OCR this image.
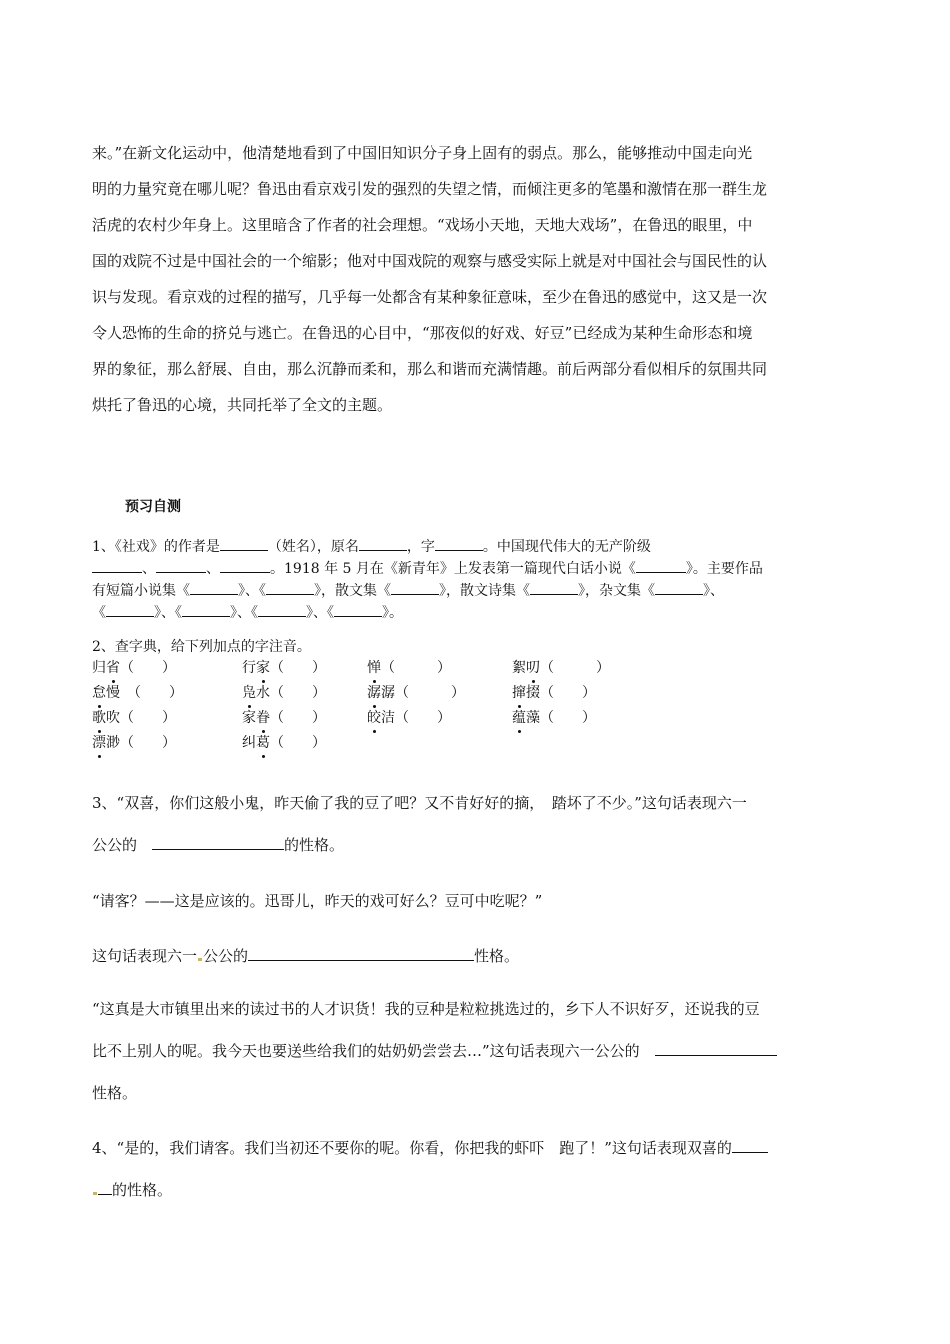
来。”在新文化运动中，他清楚地看到了中国旧知识分子身上固有的弱点。那么，能够推动中国走向光
明的力量究竟在哪儿呢？鲁迅由看京戏引发的强烈的失望之情，而倾注更多的笔墨和激情在那一群生龙
活虎的农村少年身上。这里暗含了作者的社会理想。“戏场小天地，天地大戏场”，在鲁迅的眼里，中
国的戏院不过是中国社会的一个缩影；他对中国戏院的观察与感受实际上就是对中国社会与国民性的认
识与发现。看京戏的过程的描写，几乎每一处都含有某种象征意味，至少在鲁迅的感觉中，这又是一次
令人恐怖的生命的挤兑与逃亡。在鲁迅的心目中，“那夜似的好戏、好豆”已经成为某种生命形态和境
界的象征，那么舒展、自由，那么沉静而柔和，那么和谐而充满情趣。前后两部分看似相斥的氛围共同
烘托了鲁迅的心境，共同托举了全文的主题。

预习自测
1、《社戏》的作者是	（姓名），原名	，字	。中国现代伟大的无产阶级
、	、	。1918 年 5 月在《新青年》上发表第一篇现代白话小说《	》。主要作品
有短篇小说集《	》、《	》，散文集《	》，散文诗集《	》，杂文集《	》、
《	》、《	》、《	》、《	》。
2、查字典，给下列加点的字注音。
归省（　　）	行家（　　）	惮（　　　）	絮叨（　　　）
怠慢　（　　）	凫水（　　）	潺潺（　　　）	撺掇（　　）
歌吹（　　）	家眷（　　）	皎洁（　　）	蕴藻（　　）
漂渺（　　）	纠葛（　　）
3、“双喜，你们这般小鬼，昨天偷了我的豆了吧？又不肯好好的摘，　踏坏了不少。”这句话表现六一
公公的　	的性格。
“请客？——这是应该的。迅哥儿，昨天的戏可好么？豆可中吃呢？”
这句话表现六一 公公的	性格。
“这真是大市镇里出来的读过书的人才识货！我的豆种是粒粒挑选过的，乡下人不识好歹，还说我的豆
比不上别人的呢。我今天也要送些给我们的姑奶奶尝尝去…”这句话表现六一公公的　
性格。
4、“是的，我们请客。我们当初还不要你的呢。你看，你把我的虾吓　跑了！”这句话表现双喜的
的性格。
